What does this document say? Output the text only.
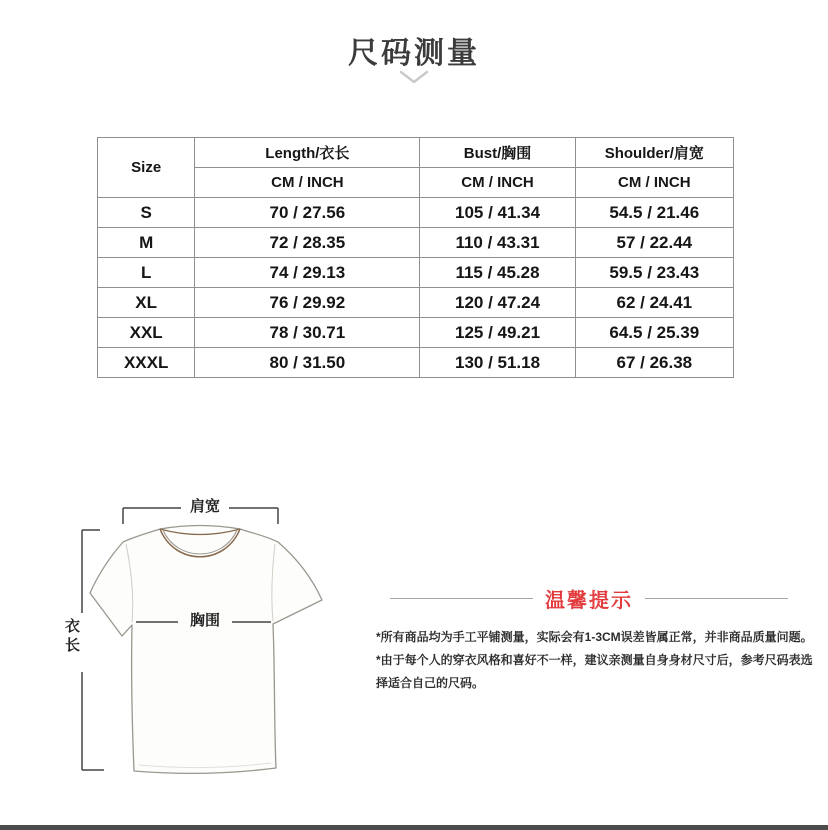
尺码测量
Size	Length/衣长	Bust/胸围	Shoulder/肩宽
	CM / INCH	CM / INCH	CM / INCH
S	70 / 27.56	105 / 41.34	54.5 / 21.46
M	72 / 28.35	110 / 43.31	57 / 22.44
L	74 / 29.13	115 / 45.28	59.5 / 23.43
XL	76 / 29.92	120 / 47.24	62 / 24.41
XXL	78 / 30.71	125 / 49.21	64.5 / 25.39
XXXL	80 / 31.50	130 / 51.18	67 / 26.38
肩宽
胸围
衣长
温馨提示

*所有商品均为手工平铺测量，实际会有1-3CM误差皆属正常，并非商品质量问题。

*由于每个人的穿衣风格和喜好不一样，建议亲测量自身身材尺寸后，参考尺码表选择适合自己的尺码。
